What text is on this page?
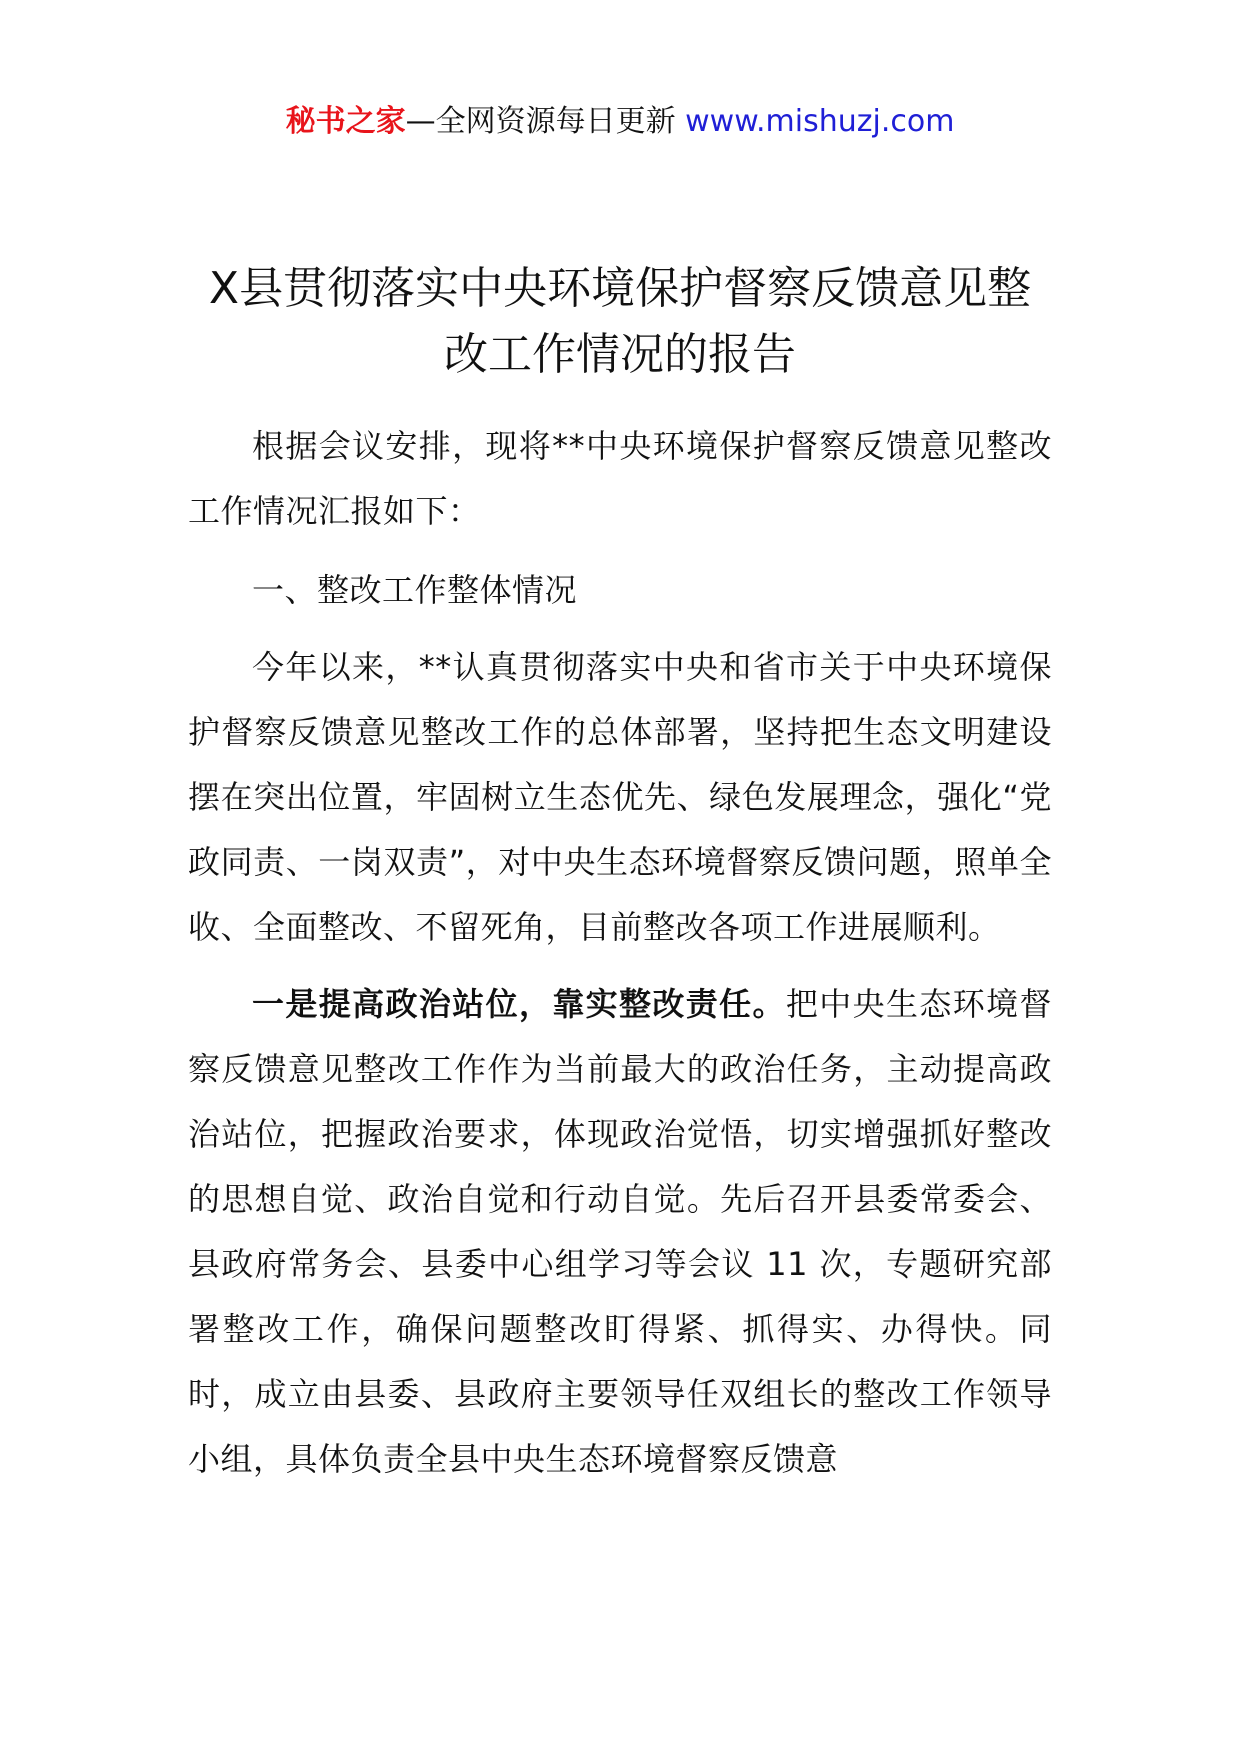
秘书之家—全网资源每日更新 www.mishuzj.com
X县贯彻落实中央环境保护督察反馈意见整改工作情况的报告

根据会议安排，现将**中央环境保护督察反馈意见整改工作情况汇报如下：

一、整改工作整体情况

今年以来，**认真贯彻落实中央和省市关于中央环境保护督察反馈意见整改工作的总体部署，坚持把生态文明建设摆在突出位置，牢固树立生态优先、绿色发展理念，强化“党政同责、一岗双责”，对中央生态环境督察反馈问题，照单全收、全面整改、不留死角，目前整改各项工作进展顺利。

一是提高政治站位，靠实整改责任。把中央生态环境督察反馈意见整改工作作为当前最大的政治任务，主动提高政治站位，把握政治要求，体现政治觉悟，切实增强抓好整改的思想自觉、政治自觉和行动自觉。先后召开县委常委会、县政府常务会、县委中心组学习等会议 11 次，专题研究部署整改工作，确保问题整改盯得紧、抓得实、办得快。同时，成立由县委、县政府主要领导任双组长的整改工作领导小组，具体负责全县中央生态环境督察反馈意
